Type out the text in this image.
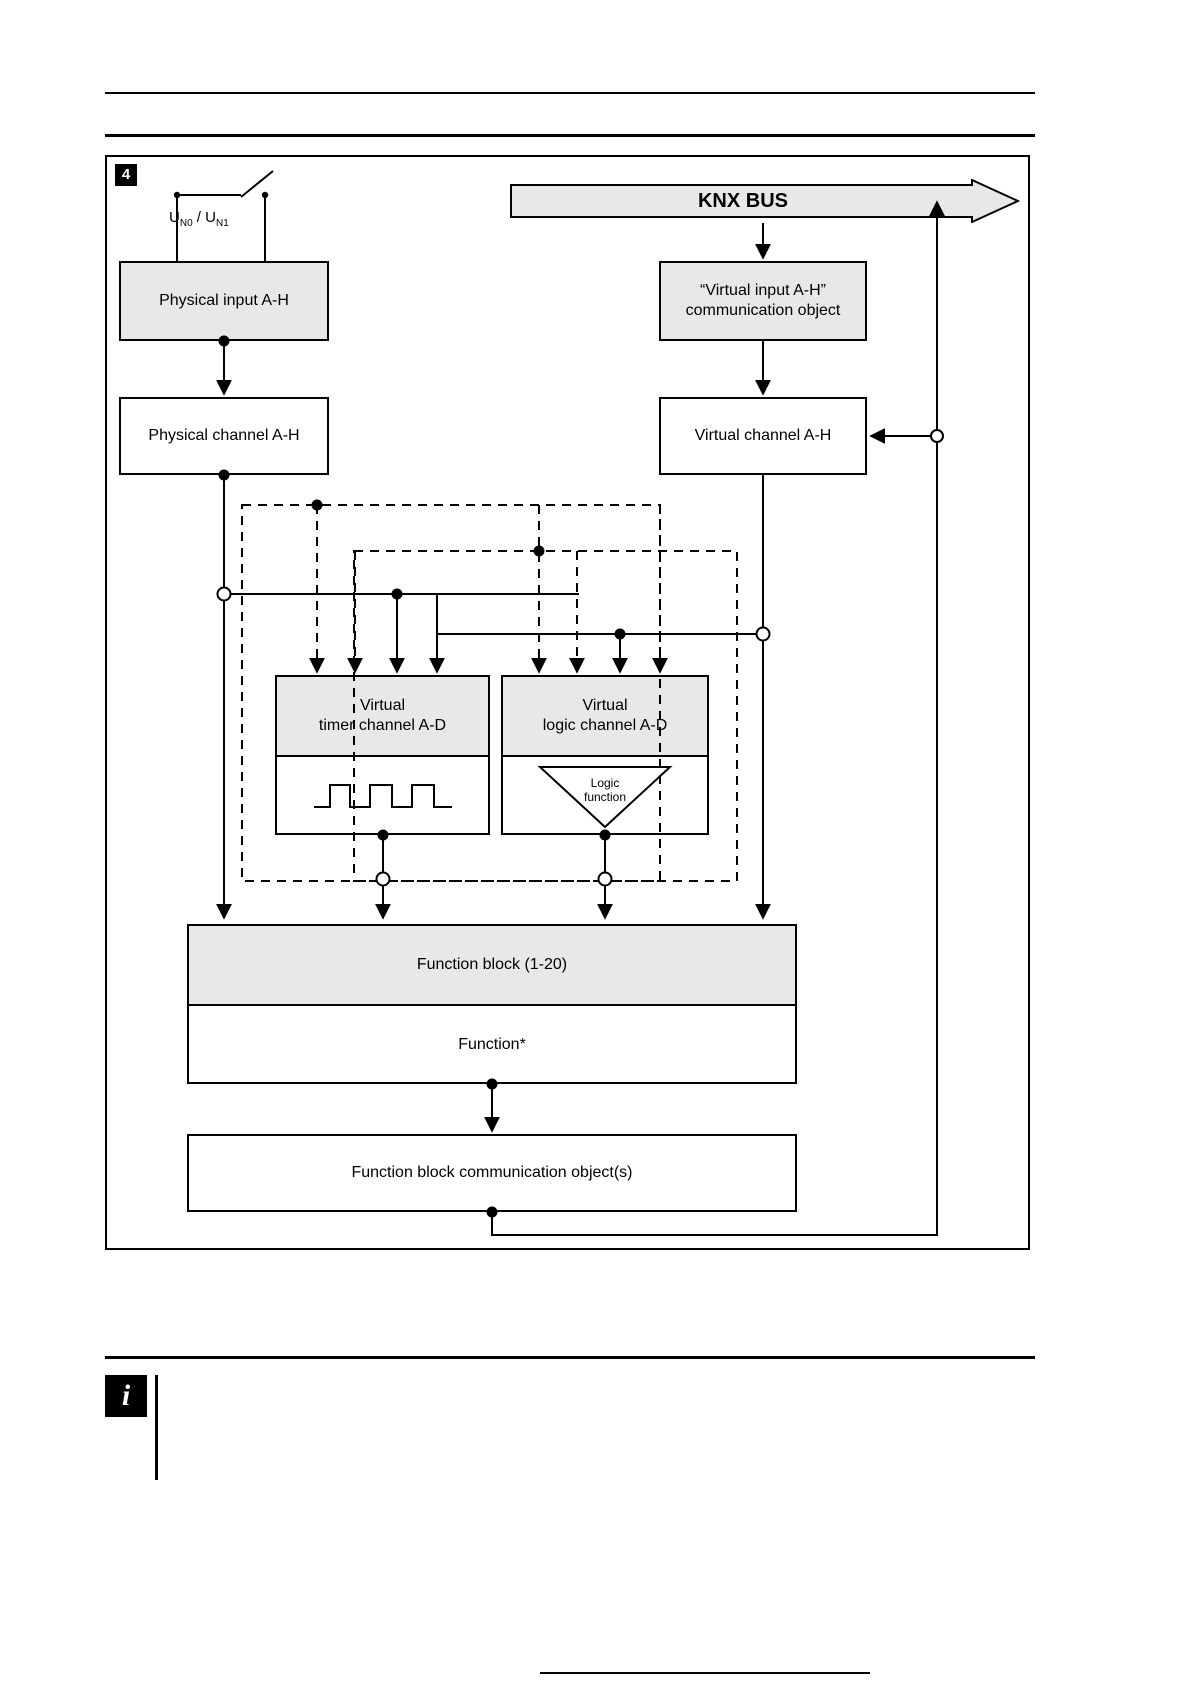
4
$U_{N0} / U_{N1}$
KNX BUS
Physical input A-H
“Virtual input A-H”
communication object
Physical channel A-H	Virtual channel A-H
Virtual
timer channel A-D
Virtual
logic channel A-D
Logic
function
Function block (1-20)
Function*
Function block communication object(s)
i
